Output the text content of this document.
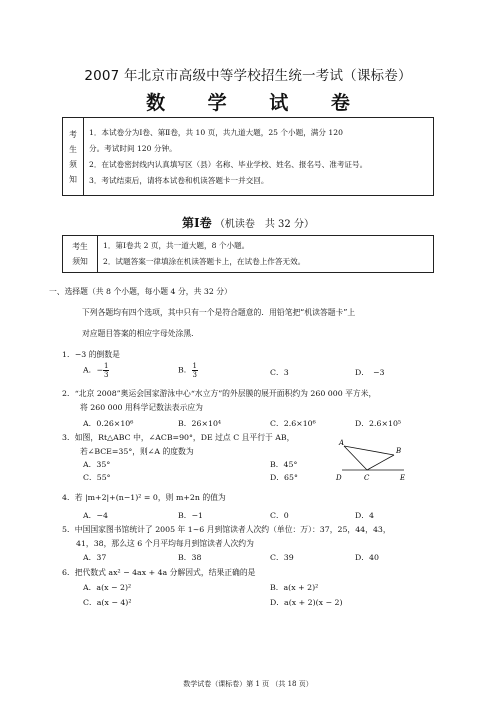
2007 年北京市高级中等学校招生统一考试（课标卷）
数 学 试 卷
考
生
须
知	

1．本试卷分为Ⅰ卷、第Ⅱ卷，共 10 页，共九道大题，25 个小题，满分 120

分。考试时间 120 分钟。

2．在试卷密封线内认真填写区（县）名称、毕业学校、姓名、报名号、准考证号。

3．考试结束后，请将本试卷和机读答题卡一并交回。

第Ⅰ卷 （机读卷　共 32 分）
考生
须知	

1．第Ⅰ卷共 2 页，共一道大题，8 个小题。

2．试题答案一律填涂在机读答题卡上，在试卷上作答无效。

一、选择题（共 8 个小题，每小题 4 分，共 32 分）
下列各题均有四个选项，其中只有一个是符合题意的．用铅笔把“机读答题卡”上
对应题目答案的相应字母处涂黑．
1．−3 的倒数是
A．− $\frac{1}{3}$	B． $\frac{1}{3}$	C．3	D．　−3
2．“北京 2008”奥运会国家游泳中心“水立方”的外层膜的展开面积约为 260 000 平方米，
将 260 000 用科学记数法表示应为
A．0.26×10⁶	B．26×10⁴	C．2.6×10⁶	D．2.6×10⁵
3．如图，Rt△ABC 中，∠ACB=90°，DE 过点 C 且平行于 AB，
若∠BCE=35°，则∠A 的度数为
A．35°	B．45°
C．55°	D．65°
A
B
C
D	E
4．若 |m+2|+(n−1)² = 0，则 m+2n 的值为
A．−4	B．−1	C．0	D．4
5．中国国家图书馆统计了 2005 年 1~6 月到馆读者人次约（单位：万）：37，25，44，43，
41，38，那么这 6 个月平均每月到馆读者人次约为
A．37	B．38	C．39	D．40
6．把代数式 ax² − 4ax + 4a 分解因式，结果正确的是
A．a(x − 2)²	B．a(x + 2)²
C．a(x − 4)²	D．a(x + 2)(x − 2)
数学试卷（课标卷）第 1 页 （共 18 页）
